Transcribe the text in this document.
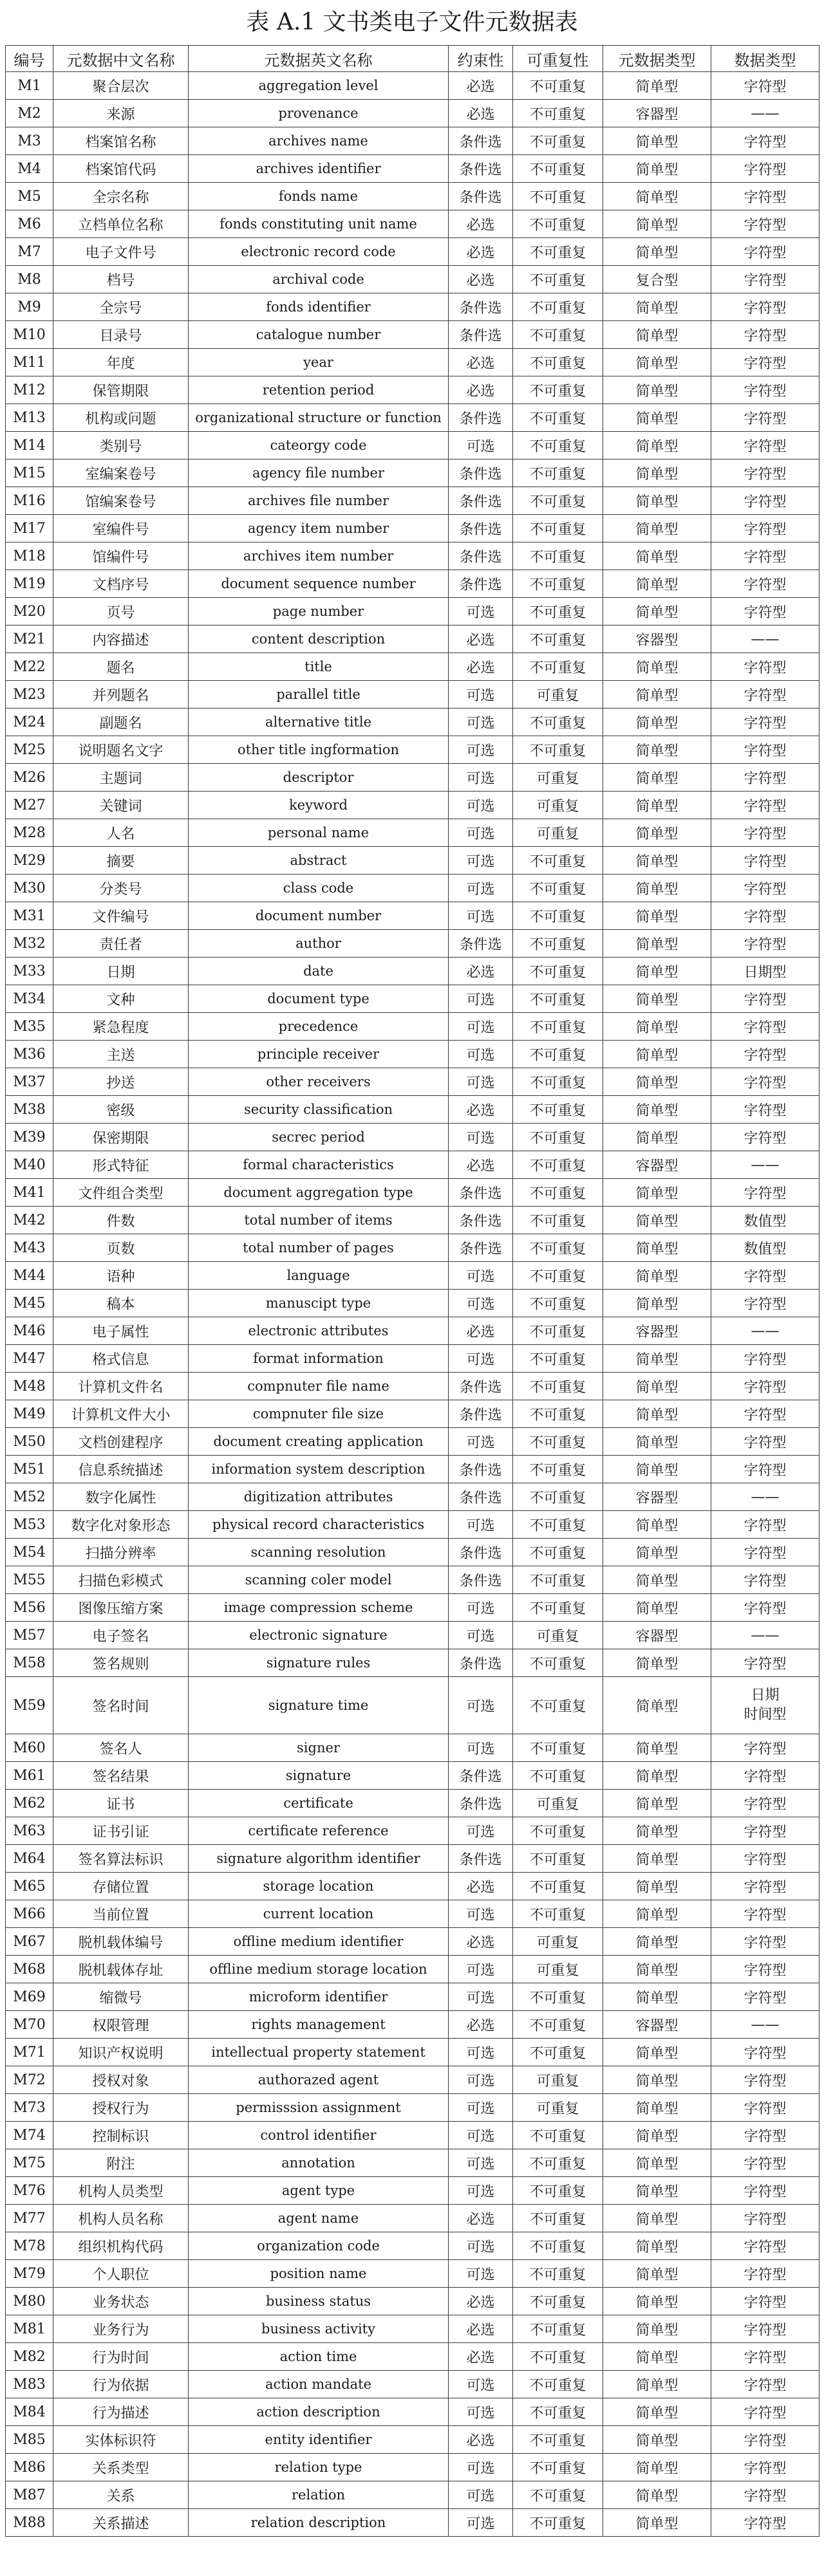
表 A.1 文书类电子文件元数据表
编号	元数据中文名称	元数据英文名称	约束性	可重复性	元数据类型	数据类型
M1	聚合层次	aggregation level	必选	不可重复	简单型	字符型
M2	来源	provenance	必选	不可重复	容器型	——
M3	档案馆名称	archives name	条件选	不可重复	简单型	字符型
M4	档案馆代码	archives identifier	条件选	不可重复	简单型	字符型
M5	全宗名称	fonds name	条件选	不可重复	简单型	字符型
M6	立档单位名称	fonds constituting unit name	必选	不可重复	简单型	字符型
M7	电子文件号	electronic record code	必选	不可重复	简单型	字符型
M8	档号	archival code	必选	不可重复	复合型	字符型
M9	全宗号	fonds identifier	条件选	不可重复	简单型	字符型
M10	目录号	catalogue number	条件选	不可重复	简单型	字符型
M11	年度	year	必选	不可重复	简单型	字符型
M12	保管期限	retention period	必选	不可重复	简单型	字符型
M13	机构或问题	organizational structure or function	条件选	不可重复	简单型	字符型
M14	类别号	cateorgy code	可选	不可重复	简单型	字符型
M15	室编案卷号	agency file number	条件选	不可重复	简单型	字符型
M16	馆编案卷号	archives file number	条件选	不可重复	简单型	字符型
M17	室编件号	agency item number	条件选	不可重复	简单型	字符型
M18	馆编件号	archives item number	条件选	不可重复	简单型	字符型
M19	文档序号	document sequence number	条件选	不可重复	简单型	字符型
M20	页号	page number	可选	不可重复	简单型	字符型
M21	内容描述	content description	必选	不可重复	容器型	——
M22	题名	title	必选	不可重复	简单型	字符型
M23	并列题名	parallel title	可选	可重复	简单型	字符型
M24	副题名	alternative title	可选	不可重复	简单型	字符型
M25	说明题名文字	other title ingformation	可选	不可重复	简单型	字符型
M26	主题词	descriptor	可选	可重复	简单型	字符型
M27	关键词	keyword	可选	可重复	简单型	字符型
M28	人名	personal name	可选	可重复	简单型	字符型
M29	摘要	abstract	可选	不可重复	简单型	字符型
M30	分类号	class code	可选	不可重复	简单型	字符型
M31	文件编号	document number	可选	不可重复	简单型	字符型
M32	责任者	author	条件选	不可重复	简单型	字符型
M33	日期	date	必选	不可重复	简单型	日期型
M34	文种	document type	可选	不可重复	简单型	字符型
M35	紧急程度	precedence	可选	不可重复	简单型	字符型
M36	主送	principle receiver	可选	不可重复	简单型	字符型
M37	抄送	other receivers	可选	不可重复	简单型	字符型
M38	密级	security classification	必选	不可重复	简单型	字符型
M39	保密期限	secrec period	可选	不可重复	简单型	字符型
M40	形式特征	formal characteristics	必选	不可重复	容器型	——
M41	文件组合类型	document aggregation type	条件选	不可重复	简单型	字符型
M42	件数	total number of items	条件选	不可重复	简单型	数值型
M43	页数	total number of pages	条件选	不可重复	简单型	数值型
M44	语种	language	可选	不可重复	简单型	字符型
M45	稿本	manuscipt type	可选	不可重复	简单型	字符型
M46	电子属性	electronic attributes	必选	不可重复	容器型	——
M47	格式信息	format information	可选	不可重复	简单型	字符型
M48	计算机文件名	compnuter file name	条件选	不可重复	简单型	字符型
M49	计算机文件大小	compnuter file size	条件选	不可重复	简单型	字符型
M50	文档创建程序	document creating application	可选	不可重复	简单型	字符型
M51	信息系统描述	information system description	条件选	不可重复	简单型	字符型
M52	数字化属性	digitization attributes	条件选	不可重复	容器型	——
M53	数字化对象形态	physical record characteristics	可选	不可重复	简单型	字符型
M54	扫描分辨率	scanning resolution	条件选	不可重复	简单型	字符型
M55	扫描色彩模式	scanning coler model	条件选	不可重复	简单型	字符型
M56	图像压缩方案	image compression scheme	可选	不可重复	简单型	字符型
M57	电子签名	electronic signature	可选	可重复	容器型	——
M58	签名规则	signature rules	条件选	不可重复	简单型	字符型
M59	签名时间	signature time	可选	不可重复	简单型	日期
时间型
M60	签名人	signer	可选	不可重复	简单型	字符型
M61	签名结果	signature	条件选	不可重复	简单型	字符型
M62	证书	certificate	条件选	可重复	简单型	字符型
M63	证书引证	certificate reference	可选	不可重复	简单型	字符型
M64	签名算法标识	signature algorithm identifier	条件选	不可重复	简单型	字符型
M65	存储位置	storage location	必选	不可重复	简单型	字符型
M66	当前位置	current location	可选	不可重复	简单型	字符型
M67	脱机载体编号	offline medium identifier	必选	可重复	简单型	字符型
M68	脱机载体存址	offline medium storage location	可选	可重复	简单型	字符型
M69	缩微号	microform identifier	可选	不可重复	简单型	字符型
M70	权限管理	rights management	必选	不可重复	容器型	——
M71	知识产权说明	intellectual property statement	可选	不可重复	简单型	字符型
M72	授权对象	authorazed agent	可选	可重复	简单型	字符型
M73	授权行为	permisssion assignment	可选	可重复	简单型	字符型
M74	控制标识	control identifier	可选	不可重复	简单型	字符型
M75	附注	annotation	可选	不可重复	简单型	字符型
M76	机构人员类型	agent type	可选	不可重复	简单型	字符型
M77	机构人员名称	agent name	必选	不可重复	简单型	字符型
M78	组织机构代码	organization code	可选	不可重复	简单型	字符型
M79	个人职位	position name	可选	不可重复	简单型	字符型
M80	业务状态	business status	必选	不可重复	简单型	字符型
M81	业务行为	business activity	必选	不可重复	简单型	字符型
M82	行为时间	action time	必选	不可重复	简单型	字符型
M83	行为依据	action mandate	可选	不可重复	简单型	字符型
M84	行为描述	action description	可选	不可重复	简单型	字符型
M85	实体标识符	entity identifier	必选	不可重复	简单型	字符型
M86	关系类型	relation type	可选	不可重复	简单型	字符型
M87	关系	relation	可选	不可重复	简单型	字符型
M88	关系描述	relation description	可选	不可重复	简单型	字符型
